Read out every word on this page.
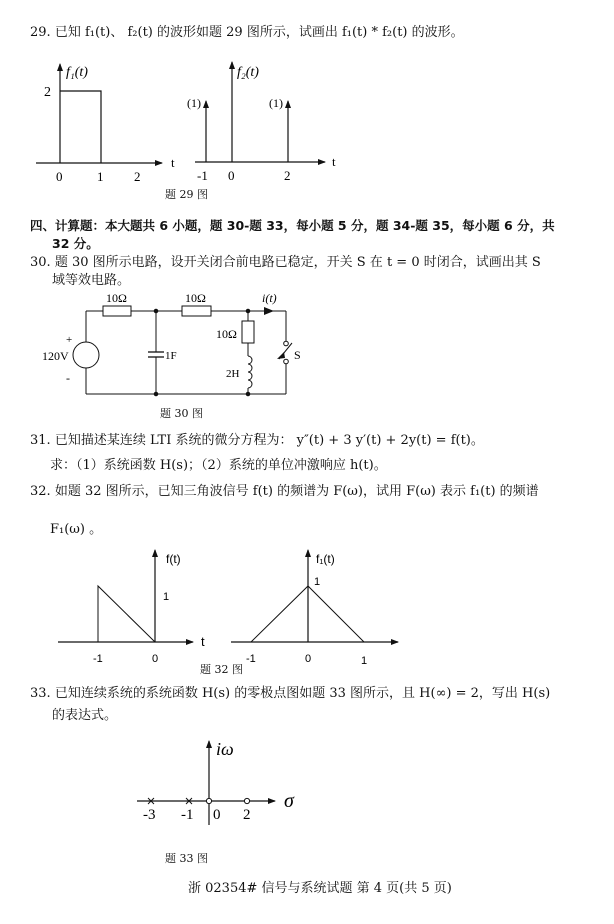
29. 已知 f₁(t)、 f₂(t) 的波形如题 29 图所示，试画出 f₁(t) * f₂(t) 的波形。
f₁(t)
2
t
0	1 2
f₂(t)
(1)	(1)
t
-1 0	2
10Ω	10Ω
10Ω
1F
2H
120V
+
-
i(t)
S
f(t)
1
t
-1	0
f₁(t)
1
-1	0	1
iω
σ
-3 -1 0 2
题 29 图
四、计算题：本大题共 6 小题，题 30-题 33，每小题 5 分，题 34-题 35，每小题 6 分，共
32 分。
30. 题 30 图所示电路，设开关闭合前电路已稳定，开关 S 在 t = 0 时闭合，试画出其 S
域等效电路。
题 30 图
31. 已知描述某连续 LTI 系统的微分方程为： y″(t) + 3 y′(t) + 2y(t) = f(t)。
求：（1）系统函数 H(s)；（2）系统的单位冲激响应 h(t)。
32. 如题 32 图所示，已知三角波信号 f(t) 的频谱为 F(ω)，试用 F(ω) 表示 f₁(t) 的频谱
F₁(ω) 。
题 32 图
33. 已知连续系统的系统函数 H(s) 的零极点图如题 33 图所示，且 H(∞) = 2，写出 H(s)
的表达式。
题 33 图
浙 02354# 信号与系统试题 第 4 页(共 5 页)
